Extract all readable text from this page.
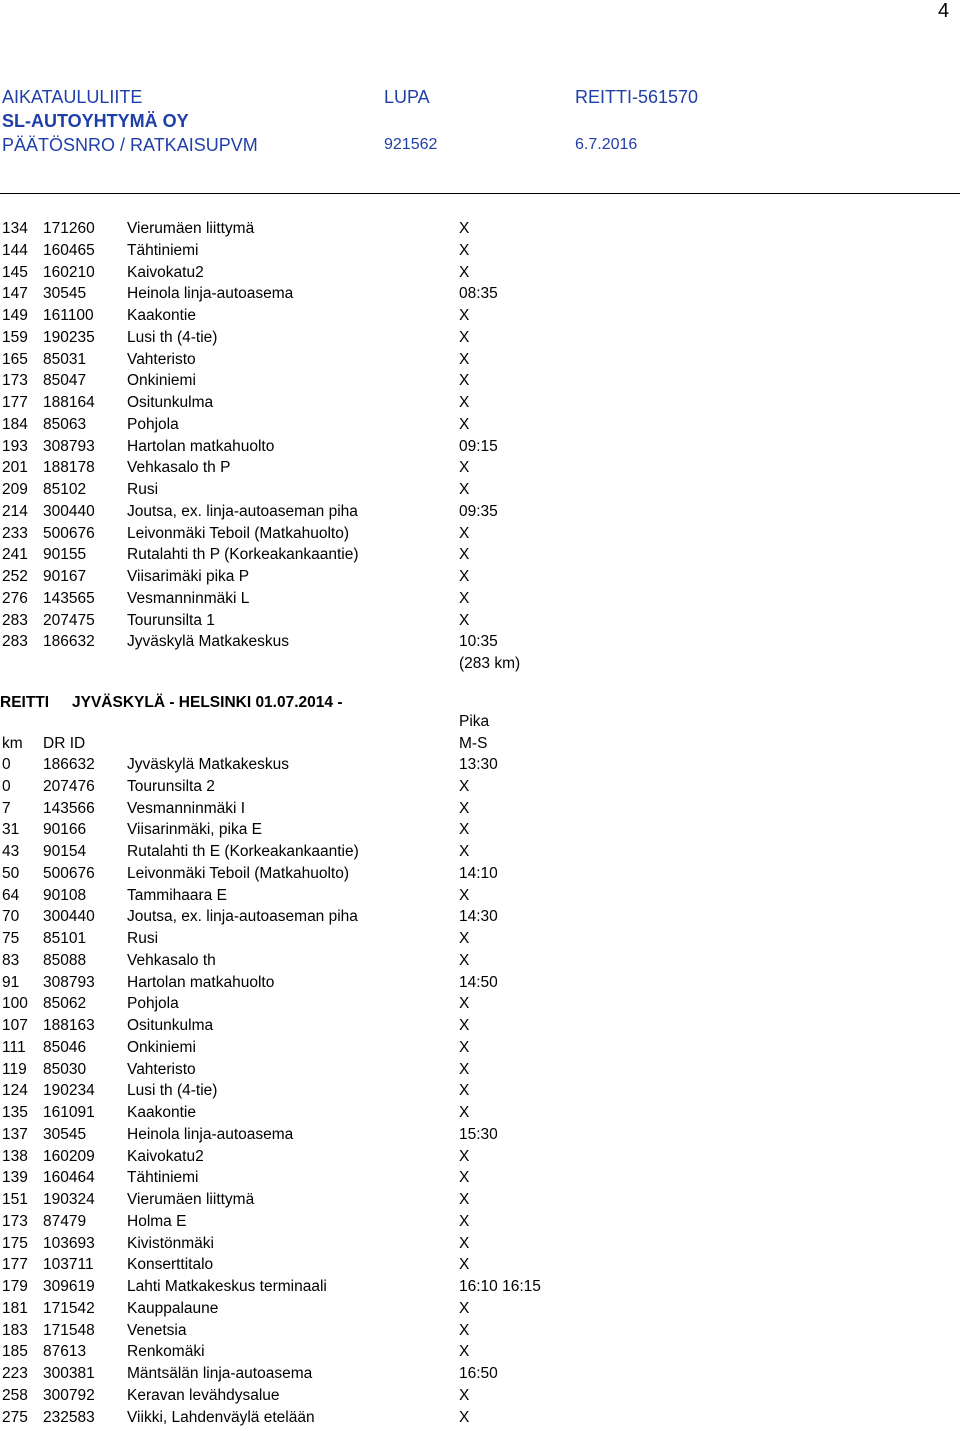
4
AIKATAULULIITE	LUPA	REITTI-561570
SL-AUTOYHTYMÄ OY
PÄÄTÖSNRO / RATKAISUPVM	921562	6.7.2016
134 171260 Vierumäen liittymä	X
144 160465 Tähtiniemi	X
145 160210 Kaivokatu2	X
147 30545	Heinola linja-autoasema	08:35
149 161100 Kaakontie	X
159 190235 Lusi th (4-tie)	X
165 85031	Vahteristo	X
173 85047	Onkiniemi	X
177 188164 Ositunkulma	X
184 85063	Pohjola	X
193 308793 Hartolan matkahuolto	09:15
201 188178 Vehkasalo th P	X
209 85102	Rusi	X
214 300440 Joutsa, ex. linja-autoaseman piha	09:35
233 500676 Leivonmäki Teboil (Matkahuolto)	X
241 90155	Rutalahti th P (Korkeakankaantie)	X
252 90167	Viisarimäki pika P	X
276 143565 Vesmanninmäki L	X
283 207475 Tourunsilta 1	X
283 186632 Jyväskylä Matkakeskus	10:35
(283 km)
REITTI JYVÄSKYLÄ - HELSINKI 01.07.2014 -
Pika
km DR ID	M-S
0 186632 Jyväskylä Matkakeskus	13:30
0 207476 Tourunsilta 2	X
7 143566 Vesmanninmäki I	X
31 90166	Viisarinmäki, pika E	X
43 90154	Rutalahti th E (Korkeakankaantie)	X
50 500676 Leivonmäki Teboil (Matkahuolto)	14:10
64 90108	Tammihaara E	X
70 300440 Joutsa, ex. linja-autoaseman piha	14:30
75 85101	Rusi	X
83 85088	Vehkasalo th	X
91 308793 Hartolan matkahuolto	14:50
100 85062	Pohjola	X
107 188163 Ositunkulma	X
111 85046	Onkiniemi	X
119 85030	Vahteristo	X
124 190234 Lusi th (4-tie)	X
135 161091 Kaakontie	X
137 30545	Heinola linja-autoasema	15:30
138 160209 Kaivokatu2	X
139 160464 Tähtiniemi	X
151 190324 Vierumäen liittymä	X
173 87479	Holma E	X
175 103693 Kivistönmäki	X
177 103711 Konserttitalo	X
179 309619 Lahti Matkakeskus terminaali	16:10 16:15
181 171542 Kauppalaune	X
183 171548 Venetsia	X
185 87613	Renkomäki	X
223 300381 Mäntsälän linja-autoasema	16:50
258 300792 Keravan levähdysalue	X
275 232583 Viikki, Lahdenväylä etelään	X
